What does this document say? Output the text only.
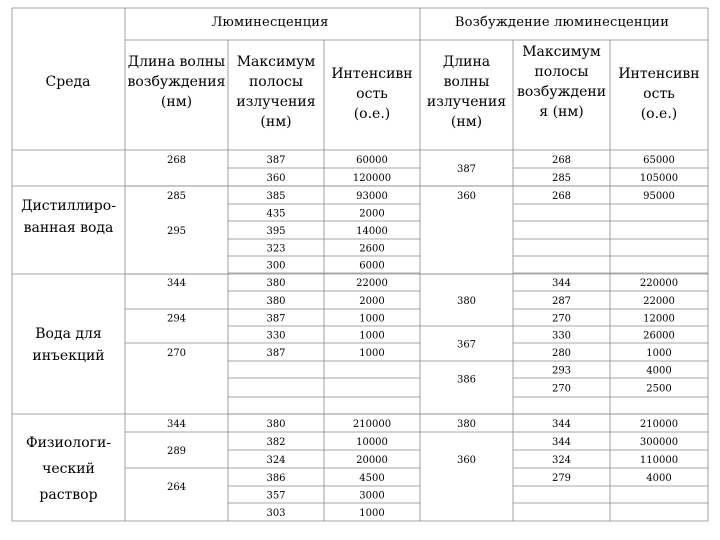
Люминесценция	Возбуждение люминесценции
Среда
Длина волны
возбуждения
(нм)
Максимум
полосы
излучения
(нм)
Интенсивн
ость
(о.е.)
Длина
волны
излучения
(нм)
Максимум
полосы
возбуждени
я (нм)
Интенсивн
ость
(о.е.)
Дистиллиро-
ванная вода
Вода для
инъекций
Физиологи-
ческий
раствор
268
285
295
344
294
270
344
289
264
387
360
385
435
395
323
300
380
380
387
330
387
380
382
324
386
357
303
60000
120000
93000
2000
14000
2600
6000
22000
2000
1000
1000
1000
210000
10000
20000
4500
3000
1000
387
360
380
367
386
380
360
268
285
268
344
287
270
330
280
293
270
344
344
324
279
65000
105000
95000
220000
22000
12000
26000
1000
4000
2500
210000
300000
110000
4000
